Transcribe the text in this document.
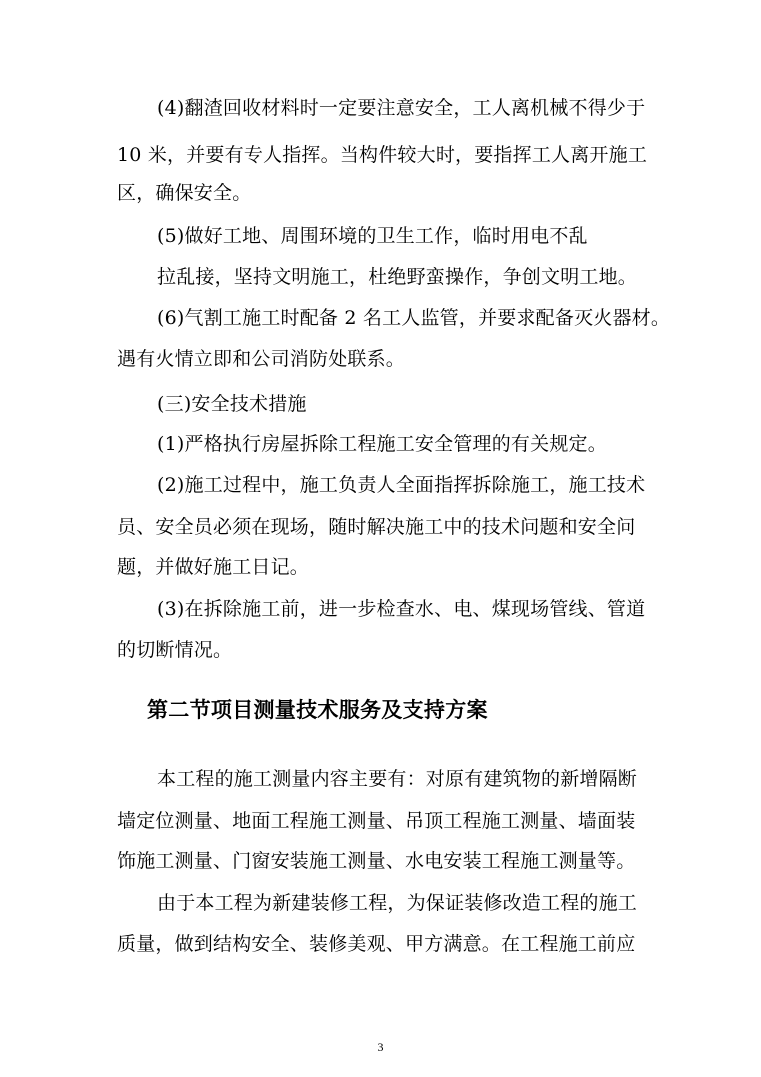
(4)翻渣回收材料时一定要注意安全，工人离机械不得少于
10 米，并要有专人指挥。当构件较大时，要指挥工人离开施工
区，确保安全。
(5)做好工地、周围环境的卫生工作，临时用电不乱
拉乱接，坚持文明施工，杜绝野蛮操作，争创文明工地。
(6)气割工施工时配备 2 名工人监管，并要求配备灭火器材。
遇有火情立即和公司消防处联系。
(三)安全技术措施
(1)严格执行房屋拆除工程施工安全管理的有关规定。
(2)施工过程中，施工负责人全面指挥拆除施工，施工技术
员、安全员必须在现场，随时解决施工中的技术问题和安全问
题，并做好施工日记。
(3)在拆除施工前，进一步检查水、电、煤现场管线、管道
的切断情况。
第二节项目测量技术服务及支持方案
本工程的施工测量内容主要有：对原有建筑物的新增隔断
墙定位测量、地面工程施工测量、吊顶工程施工测量、墙面装
饰施工测量、门窗安装施工测量、水电安装工程施工测量等。
由于本工程为新建装修工程，为保证装修改造工程的施工
质量，做到结构安全、装修美观、甲方满意。在工程施工前应
3
